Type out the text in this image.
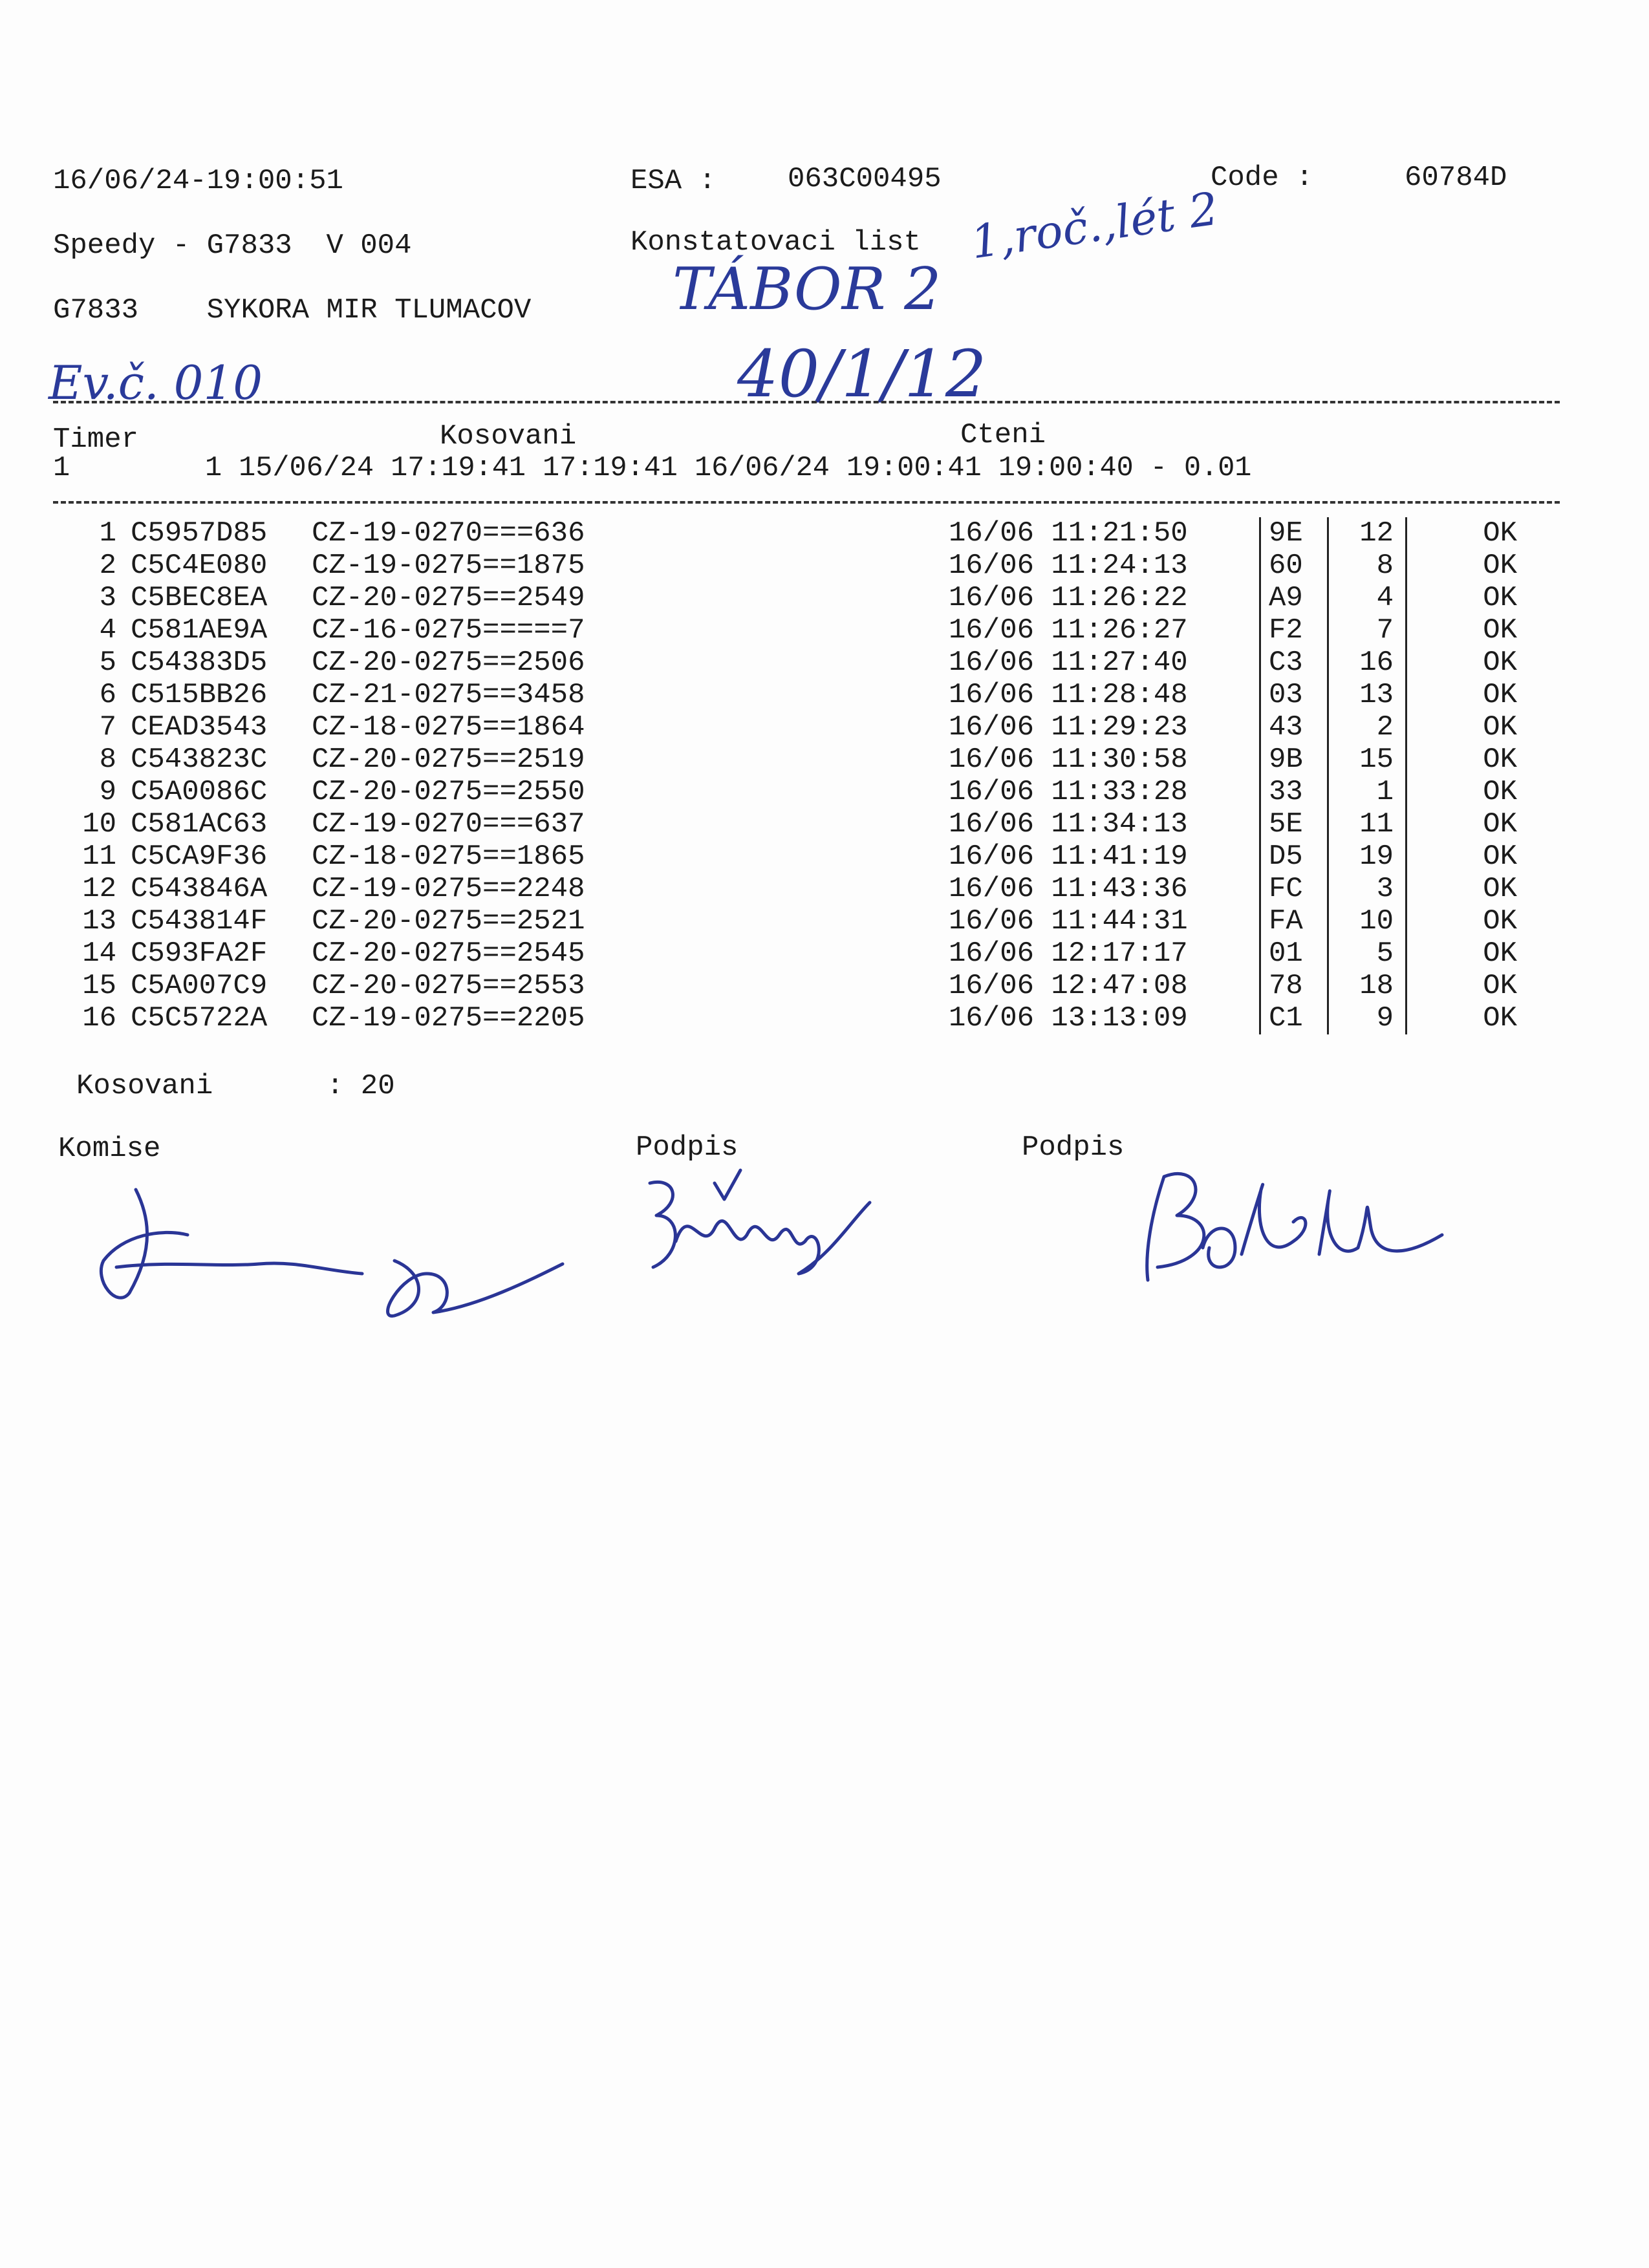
16/06/24-19:00:51	ESA :	063C00495	Code :	60784D
Speedy - G7833  V 004	Konstatovaci list
G7833    SYKORA MIR TLUMACOV
1,roč.,lét 2
TÁBOR 2
40/1/12
Ev.č. 010
Timer	Kosovani	Cteni
1        1 15/06/24 17:19:41 17:19:41 16/06/24 19:00:41 19:00:40 - 0.01
1	C5957D85	CZ-19-0270===636	16/06 11:21:50		9E	12	OK
2	C5C4E080	CZ-19-0275==1875	16/06 11:24:13		60	8	OK
3	C5BEC8EA	CZ-20-0275==2549	16/06 11:26:22		A9	4	OK
4	C581AE9A	CZ-16-0275=====7	16/06 11:26:27		F2	7	OK
5	C54383D5	CZ-20-0275==2506	16/06 11:27:40		C3	16	OK
6	C515BB26	CZ-21-0275==3458	16/06 11:28:48		03	13	OK
7	CEAD3543	CZ-18-0275==1864	16/06 11:29:23		43	2	OK
8	C543823C	CZ-20-0275==2519	16/06 11:30:58		9B	15	OK
9	C5A0086C	CZ-20-0275==2550	16/06 11:33:28		33	1	OK
10	C581AC63	CZ-19-0270===637	16/06 11:34:13		5E	11	OK
11	C5CA9F36	CZ-18-0275==1865	16/06 11:41:19		D5	19	OK
12	C543846A	CZ-19-0275==2248	16/06 11:43:36		FC	3	OK
13	C543814F	CZ-20-0275==2521	16/06 11:44:31		FA	10	OK
14	C593FA2F	CZ-20-0275==2545	16/06 12:17:17		01	5	OK
15	C5A007C9	CZ-20-0275==2553	16/06 12:47:08		78	18	OK
16	C5C5722A	CZ-19-0275==2205	16/06 13:13:09		C1	9	OK
Kosovani	: 20
Komise	Podpis	Podpis
